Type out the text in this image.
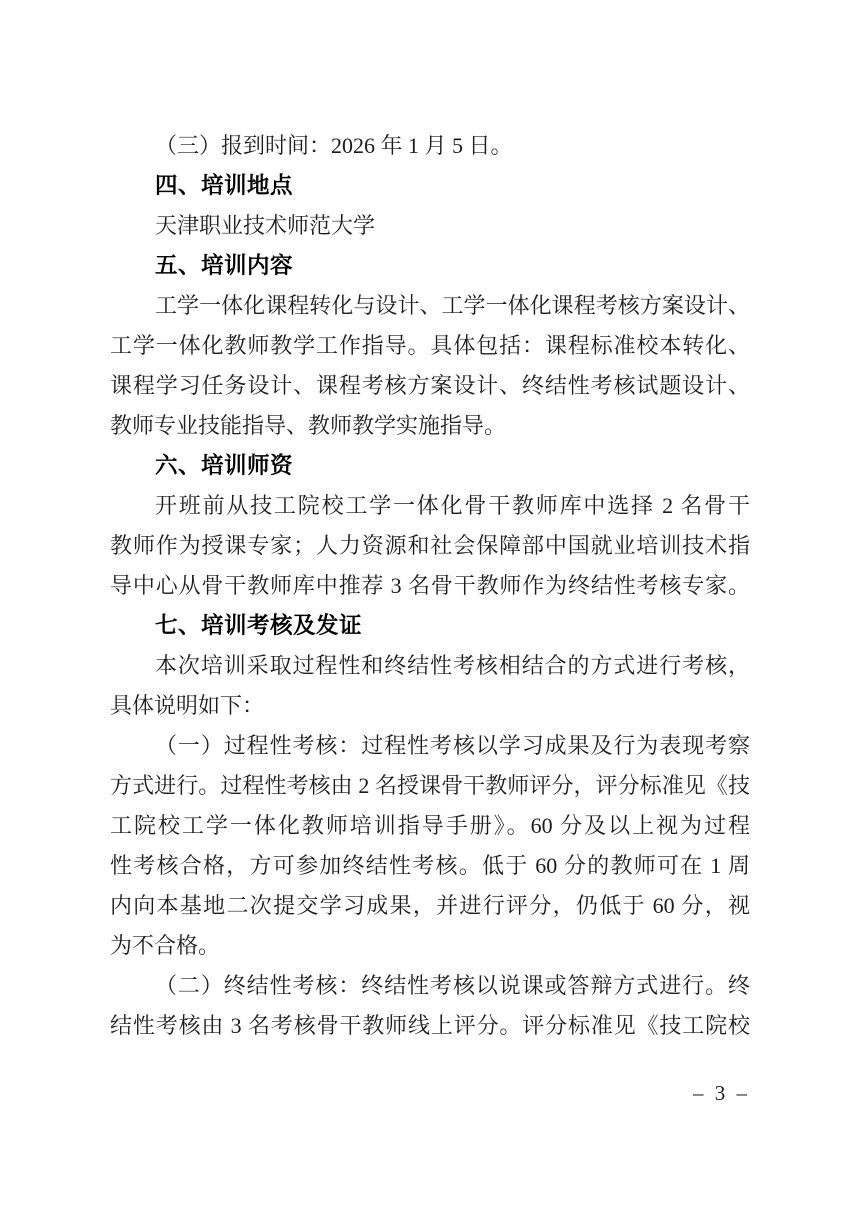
（三）报到时间：2026 年 1 月 5 日。
四、培训地点
天津职业技术师范大学
五、培训内容
工学一体化课程转化与设计、工学一体化课程考核方案设计、
工学一体化教师教学工作指导。具体包括：课程标准校本转化、
课程学习任务设计、课程考核方案设计、终结性考核试题设计、
教师专业技能指导、教师教学实施指导。
六、培训师资
开班前从技工院校工学一体化骨干教师库中选择 2 名骨干
教师作为授课专家；人力资源和社会保障部中国就业培训技术指
导中心从骨干教师库中推荐 3 名骨干教师作为终结性考核专家。
七、培训考核及发证
本次培训采取过程性和终结性考核相结合的方式进行考核，
具体说明如下：
（一）过程性考核：过程性考核以学习成果及行为表现考察
方式进行。过程性考核由 2 名授课骨干教师评分，评分标准见《技
工院校工学一体化教师培训指导手册》。60 分及以上视为过程
性考核合格，方可参加终结性考核。低于 60 分的教师可在 1 周
内向本基地二次提交学习成果，并进行评分，仍低于 60 分，视
为不合格。
（二）终结性考核：终结性考核以说课或答辩方式进行。终
结性考核由 3 名考核骨干教师线上评分。评分标准见《技工院校
– 3 –
